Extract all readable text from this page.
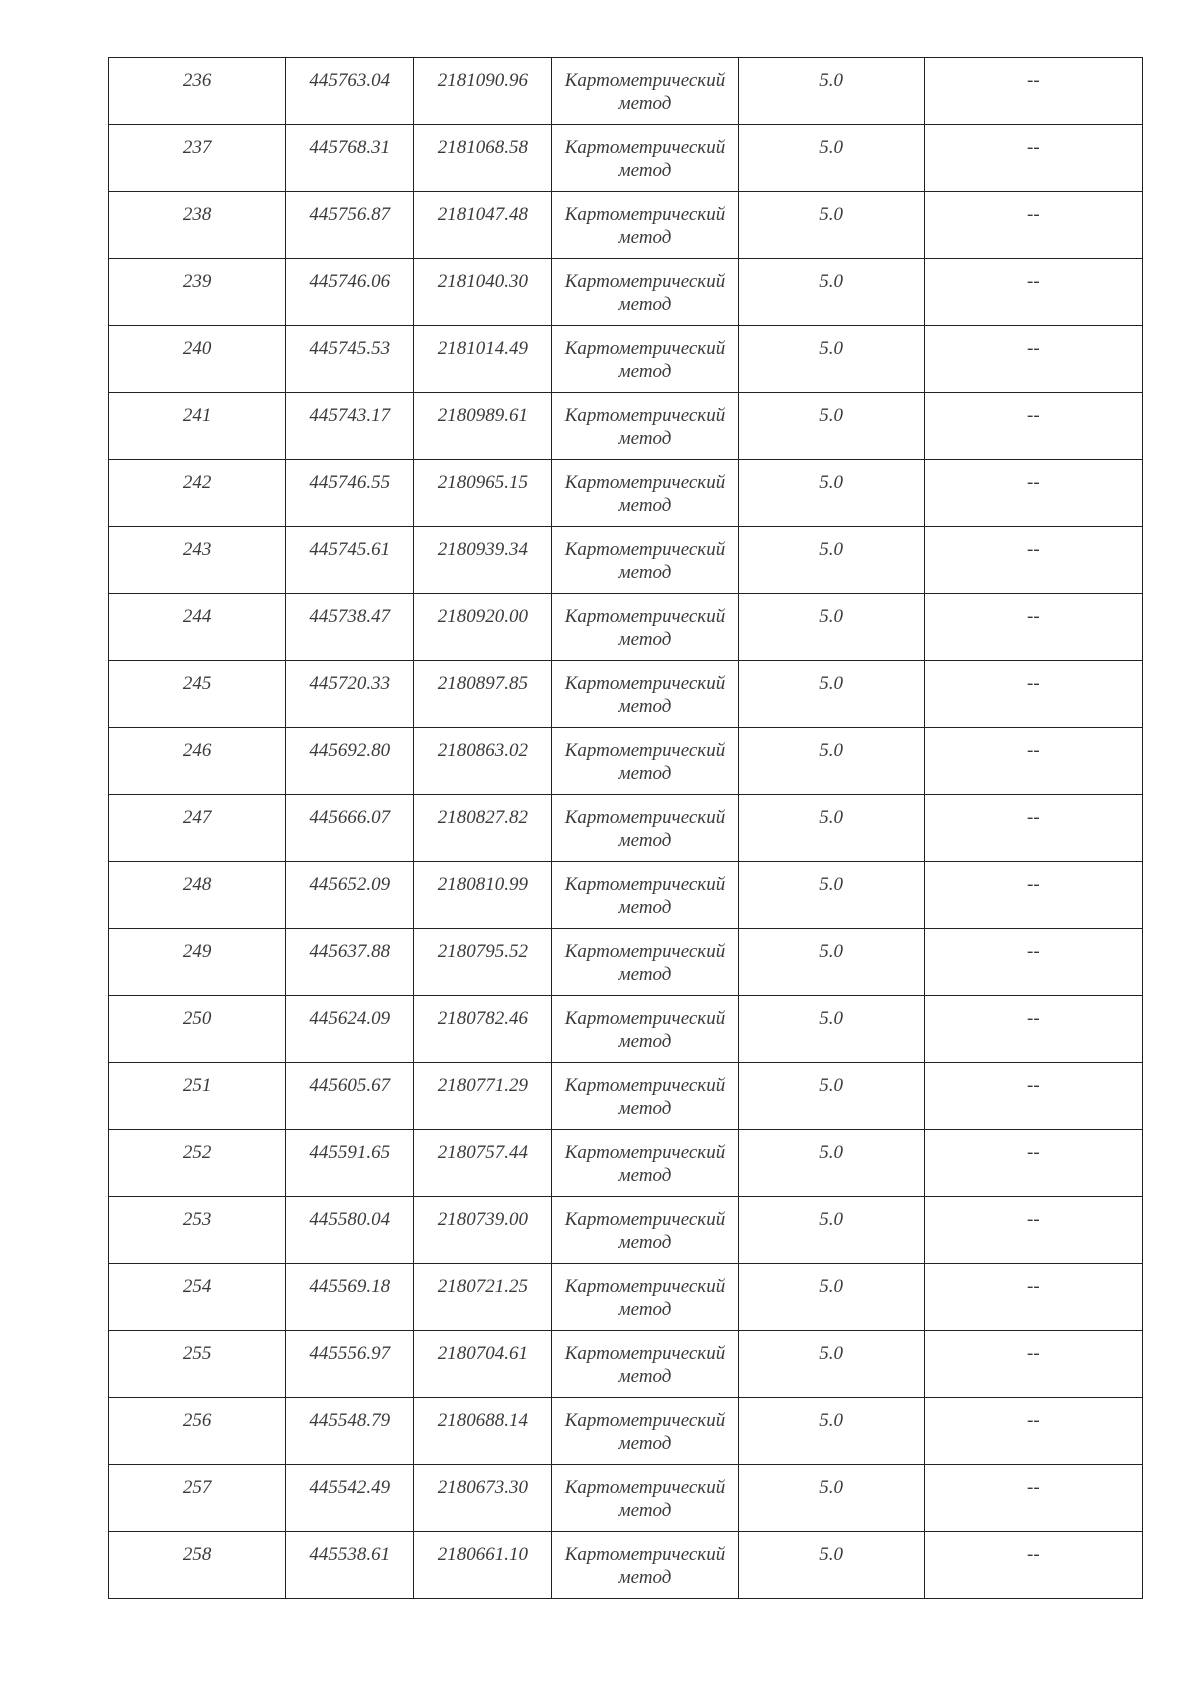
236	445763.04	2181090.96	Картометрический метод	5.0	--

237	445768.31	2181068.58	Картометрический метод	5.0	--

238	445756.87	2181047.48	Картометрический метод	5.0	--

239	445746.06	2181040.30	Картометрический метод	5.0	--

240	445745.53	2181014.49	Картометрический метод	5.0	--

241	445743.17	2180989.61	Картометрический метод	5.0	--

242	445746.55	2180965.15	Картометрический метод	5.0	--

243	445745.61	2180939.34	Картометрический метод	5.0	--

244	445738.47	2180920.00	Картометрический метод	5.0	--

245	445720.33	2180897.85	Картометрический метод	5.0	--

246	445692.80	2180863.02	Картометрический метод	5.0	--

247	445666.07	2180827.82	Картометрический метод	5.0	--

248	445652.09	2180810.99	Картометрический метод	5.0	--

249	445637.88	2180795.52	Картометрический метод	5.0	--

250	445624.09	2180782.46	Картометрический метод	5.0	--

251	445605.67	2180771.29	Картометрический метод	5.0	--

252	445591.65	2180757.44	Картометрический метод	5.0	--

253	445580.04	2180739.00	Картометрический метод	5.0	--

254	445569.18	2180721.25	Картометрический метод	5.0	--

255	445556.97	2180704.61	Картометрический метод	5.0	--

256	445548.79	2180688.14	Картометрический метод	5.0	--

257	445542.49	2180673.30	Картометрический метод	5.0	--

258	445538.61	2180661.10	Картометрический метод	5.0	--
